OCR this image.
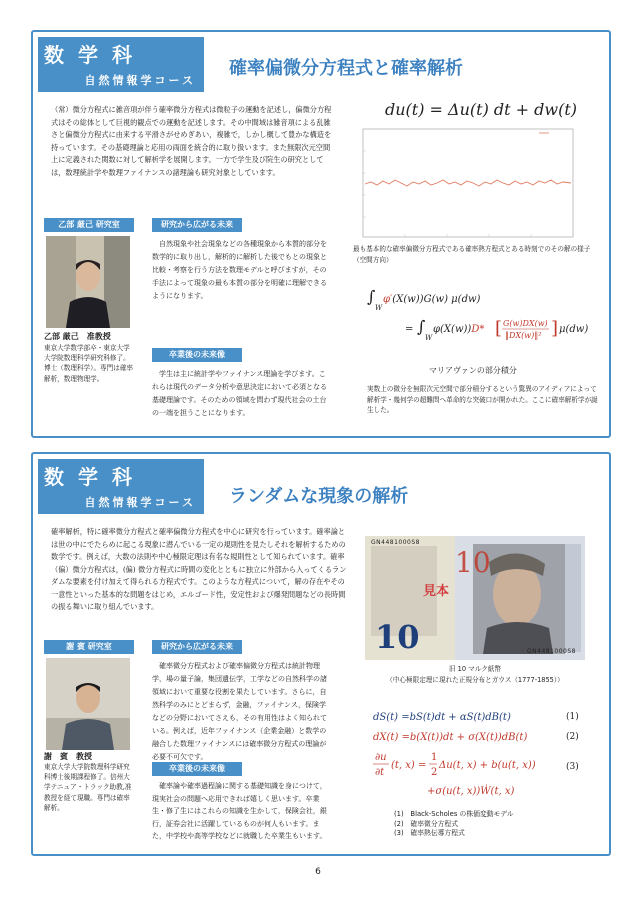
数学科
自然情報学コース
確率偏微分方程式と確率解析
（常）微分方程式に雑音項が伴う確率微分方程式は微粒子の運動を記述し，偏微分方程式はその総体として巨視的観点での運動を記述します。その中間域は雑音項による乱雑さと偏微分方程式に由来する平滑さがせめぎあい，複雑で，しかし概して豊かな構造を持っています。その基礎理論と応用の両面を統合的に取り扱います。また無限次元空間上に定義された関数に対して解析学を展開します。一方で学生及び院生の研究としては，数理統計学や数理ファイナンスの諸理論も研究対象としています。
乙部 厳己 研究室
乙部 厳己　准教授
東京大学数学部卒・東京大学大学院数理科学研究科修了。博士（数理科学）。専門は確率解析，数理物理学。
研究から広がる未来
自然現象や社会現象などの各種現象から本質的部分を数学的に取り出し，解析的に解析した後でもとの現象と比較・考察を行う方法を数理モデルと呼びますが，その手法によって現象の最も本質の部分を明確に理解できるようになります。
卒業後の未来像
学生は主に統計学やファイナンス理論を学びます。これらは現代のデータ分析や意思決定において必須となる基礎理論です。そのための領域を問わず現代社会の土台の一端を担うことになります。
du(t) = Δu(t) dt + dw(t)
最も基本的な確率偏微分方程式である確率熱方程式とある時刻でのその解の様子（空間方向）
∫
W
φ′(X(w))G(w) μ(dw)
= ∫
W
φ(X(w))D* [ G(w)DX(w)
‖DX(w)‖² ] μ(dw)
マリアヴァンの部分積分
実数上の微分を無限次元空間で部分積分するという驚異のアイディアによって解析学・幾何学の超難問へ革命的な突破口が開かれた。ここに確率解析学が誕生した。
数学科
自然情報学コース ランダムな現象の解析
確率解析，特に確率微分方程式と確率偏微分方程式を中心に研究を行っています。確率論とは世の中にでたらめに起こる現象に潜んでいる一定の規則性を見たしそれを解析するための数学です。例えば，大数の法則や中心極限定理は有名な規則性として知られています。確率（偏）微分方程式は，(偏) 微分方程式に時間の変化とともに独立に外部から入ってくるランダムな要素を付け加えて得られる方程式です。このような方程式について，解の存在やその一意性といった基本的な問題をはじめ，エルゴード性，安定性および爆発問題などの長時間の振る舞いに取り組んでいます。
謝 賓 研究室
謝　賓　教授
東京大学大学院数理科学研究科博士後期課程修了。信州大学テニュア・トラック助教,准教授を経て現職。専門は確率解析。
研究から広がる未来
確率微分方程式および確率偏微分方程式は統計物理学，場の量子論，集団遺伝学，工学などの自然科学の諸領域において重要な役割を果たしています。さらに，自然科学のみにとどまらず，金融，ファイナンス，保険学などの分野においてさえも，その有用性はよく知られている。例えば，近年ファイナンス（企業金融）と数学の融合した数理ファイナンスには確率微分方程式の理論が必要不可欠です。
卒業後の未来像
確率論や確率過程論に関する基礎知識を身につけて，現実社会の問題へ応用できれば嬉しく思います。卒業生・修了生にはこれらの知識を生かして，保険会社，銀行，証券会社に活躍しているものが何人もいます。また，中学校や高等学校などに就職した卒業生もいます。
10
GN4481000S8
GN4481000S8
見本
10
旧 10 マルク紙幣
（中心極限定理に現れた正規分布とガウス（1777-1855））
dS(t) =bS(t)dt + αS(t)dB(t)	(1)
dX(t) =b(X(t))dt + σ(X(t))dB(t)	(2)
∂u
∂t
(t, x) =
1
2
Δu(t, x) + b(u(t, x))
+σ(u(t, x))Ẇ(t, x)
(3)
(1)　Black-Scholes の株価変動モデル
(2)　確率微分方程式
(3)　確率熱伝導方程式
6
